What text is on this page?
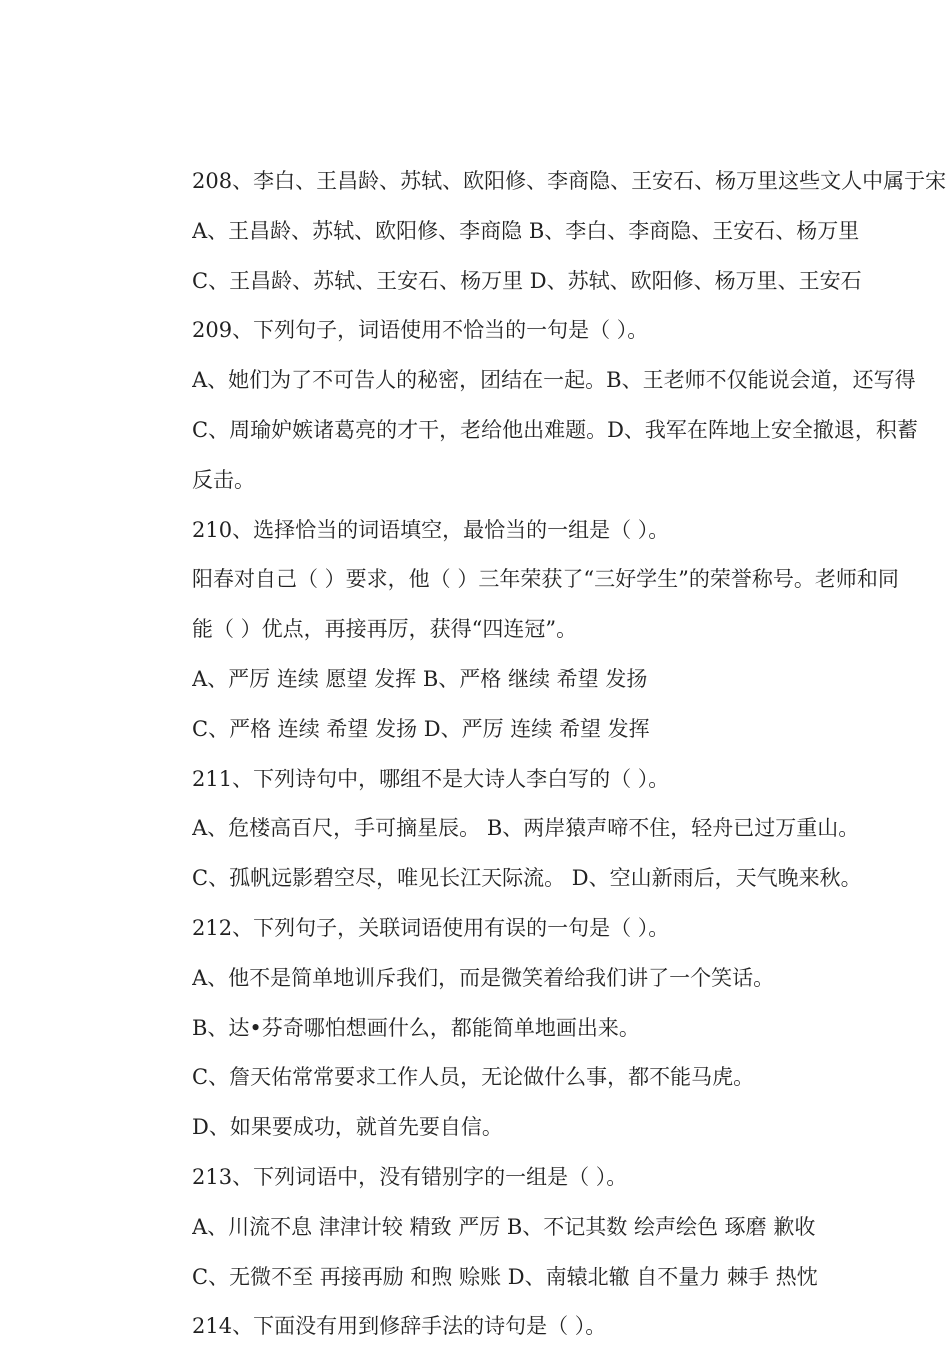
208、李白、王昌龄、苏轼、欧阳修、李商隐、王安石、杨万里这些文人中属于宋
A、王昌龄、苏轼、欧阳修、李商隐 B、李白、李商隐、王安石、杨万里
C、王昌龄、苏轼、王安石、杨万里 D、苏轼、欧阳修、杨万里、王安石
209、下列句子，词语使用不恰当的一句是（ ）。
A、她们为了不可告人的秘密，团结在一起。B、王老师不仅能说会道，还写得
C、周瑜妒嫉诸葛亮的才干，老给他出难题。D、我军在阵地上安全撤退，积蓄
反击。
210、选择恰当的词语填空，最恰当的一组是（ ）。
阳春对自己（ ）要求，他（ ）三年荣获了“三好学生”的荣誉称号。老师和同
能（ ）优点，再接再厉，获得“四连冠”。
A、严厉 连续 愿望 发挥 B、严格 继续 希望 发扬
C、严格 连续 希望 发扬 D、严厉 连续 希望 发挥
211、下列诗句中，哪组不是大诗人李白写的（ ）。
A、危楼高百尺，手可摘星辰。 B、两岸猿声啼不住，轻舟已过万重山。
C、孤帆远影碧空尽，唯见长江天际流。 D、空山新雨后，天气晚来秋。
212、下列句子，关联词语使用有误的一句是（ ）。
A、他不是简单地训斥我们，而是微笑着给我们讲了一个笑话。
B、达•芬奇哪怕想画什么，都能简单地画出来。
C、詹天佑常常要求工作人员，无论做什么事，都不能马虎。
D、如果要成功，就首先要自信。
213、下列词语中，没有错别字的一组是（ ）。
A、川流不息 津津计较 精致 严厉 B、不记其数 绘声绘色 琢磨 歉收
C、无微不至 再接再励 和煦 赊账 D、南辕北辙 自不量力 棘手 热忱
214、下面没有用到修辞手法的诗句是（ ）。
